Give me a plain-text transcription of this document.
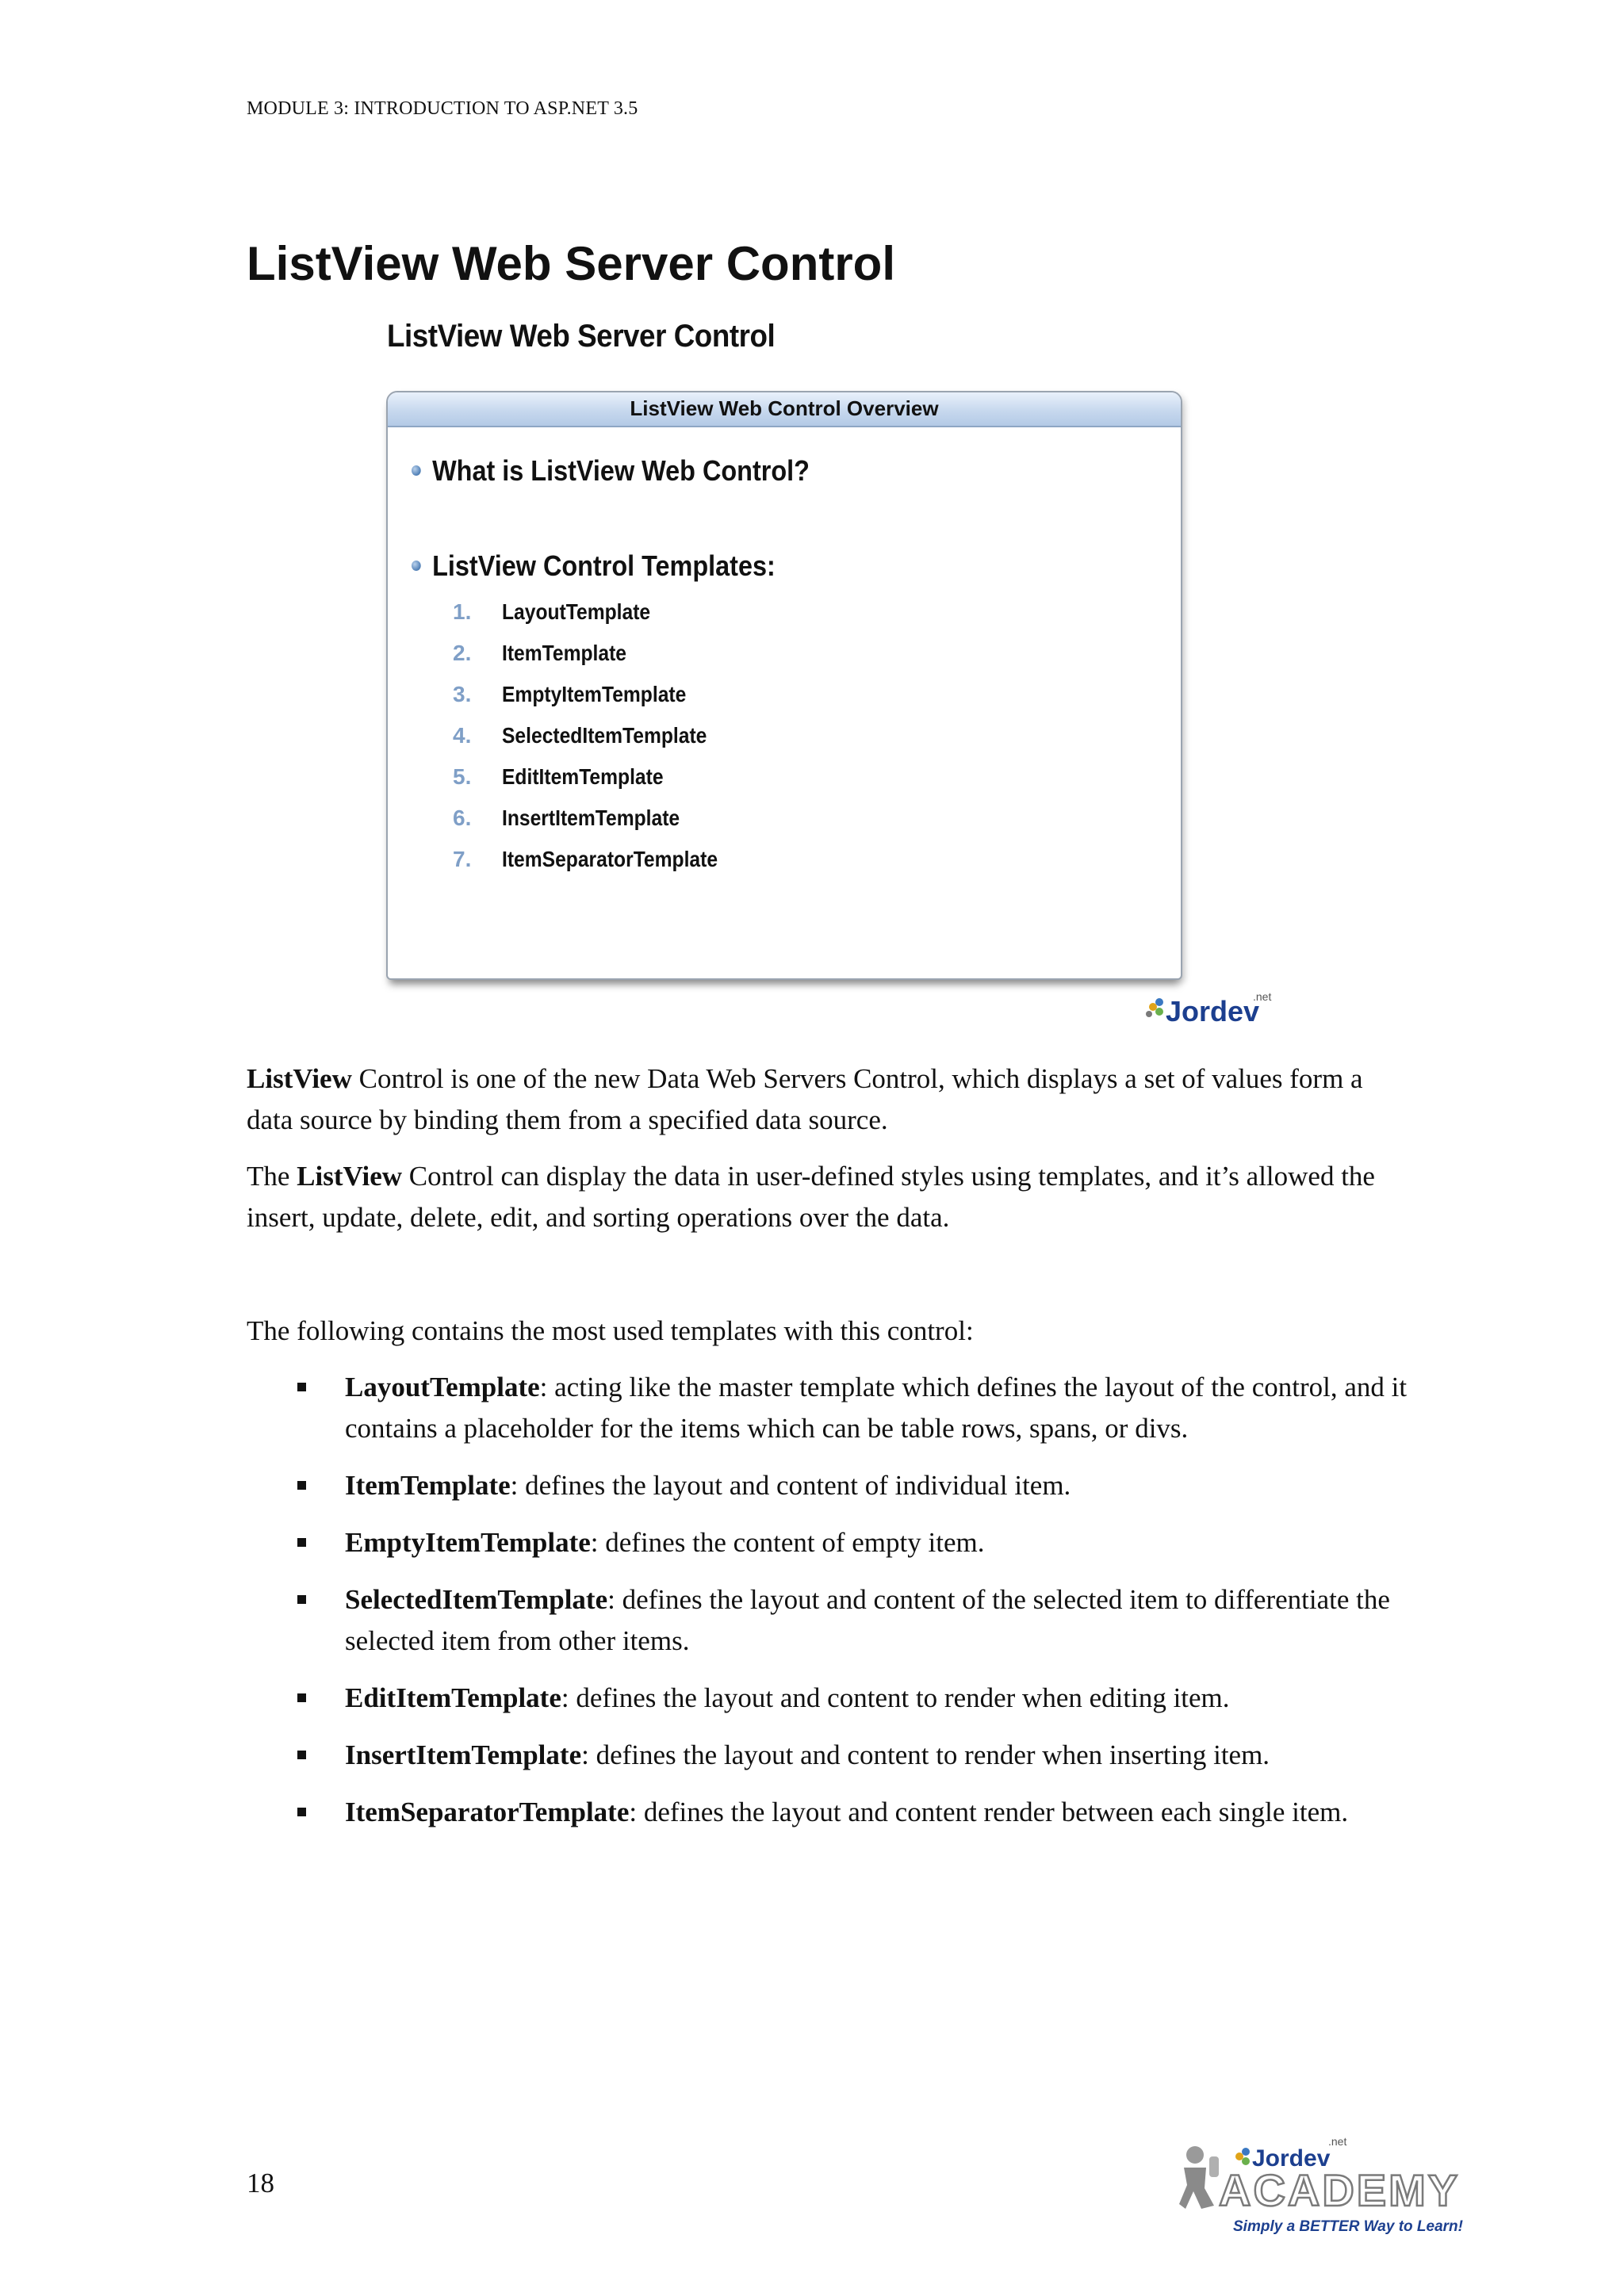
MODULE 3: INTRODUCTION TO ASP.NET 3.5
ListView Web Server Control
ListView Web Server Control
ListView Web Control Overview
What is ListView Web Control?
ListView Control Templates:
1. LayoutTemplate
2. ItemTemplate
3. EmptyItemTemplate
4. SelectedItemTemplate
5. EditItemTemplate
6. InsertItemTemplate
7. ItemSeparatorTemplate
Jordev
.net

ListView Control is one of the new Data Web Servers Control, which displays a set of values form a data source by binding them from a specified data source.

The ListView Control can display the data in user-defined styles using templates, and it’s allowed the insert, update, delete, edit, and sorting operations over the data.

The following contains the most used templates with this control:

LayoutTemplate: acting like the master template which defines the layout of the control, and it contains a placeholder for the items which can be table rows, spans, or divs.
ItemTemplate: defines the layout and content of individual item.
EmptyItemTemplate: defines the content of empty item.
SelectedItemTemplate: defines the layout and content of the selected item to differentiate the selected item from other items.
EditItemTemplate: defines the layout and content to render when editing item.
InsertItemTemplate: defines the layout and content to render when inserting item.
ItemSeparatorTemplate: defines the layout and content render between each single item.
18
Jordev
.net
ACADEMY
Simply a BETTER Way to Learn!
